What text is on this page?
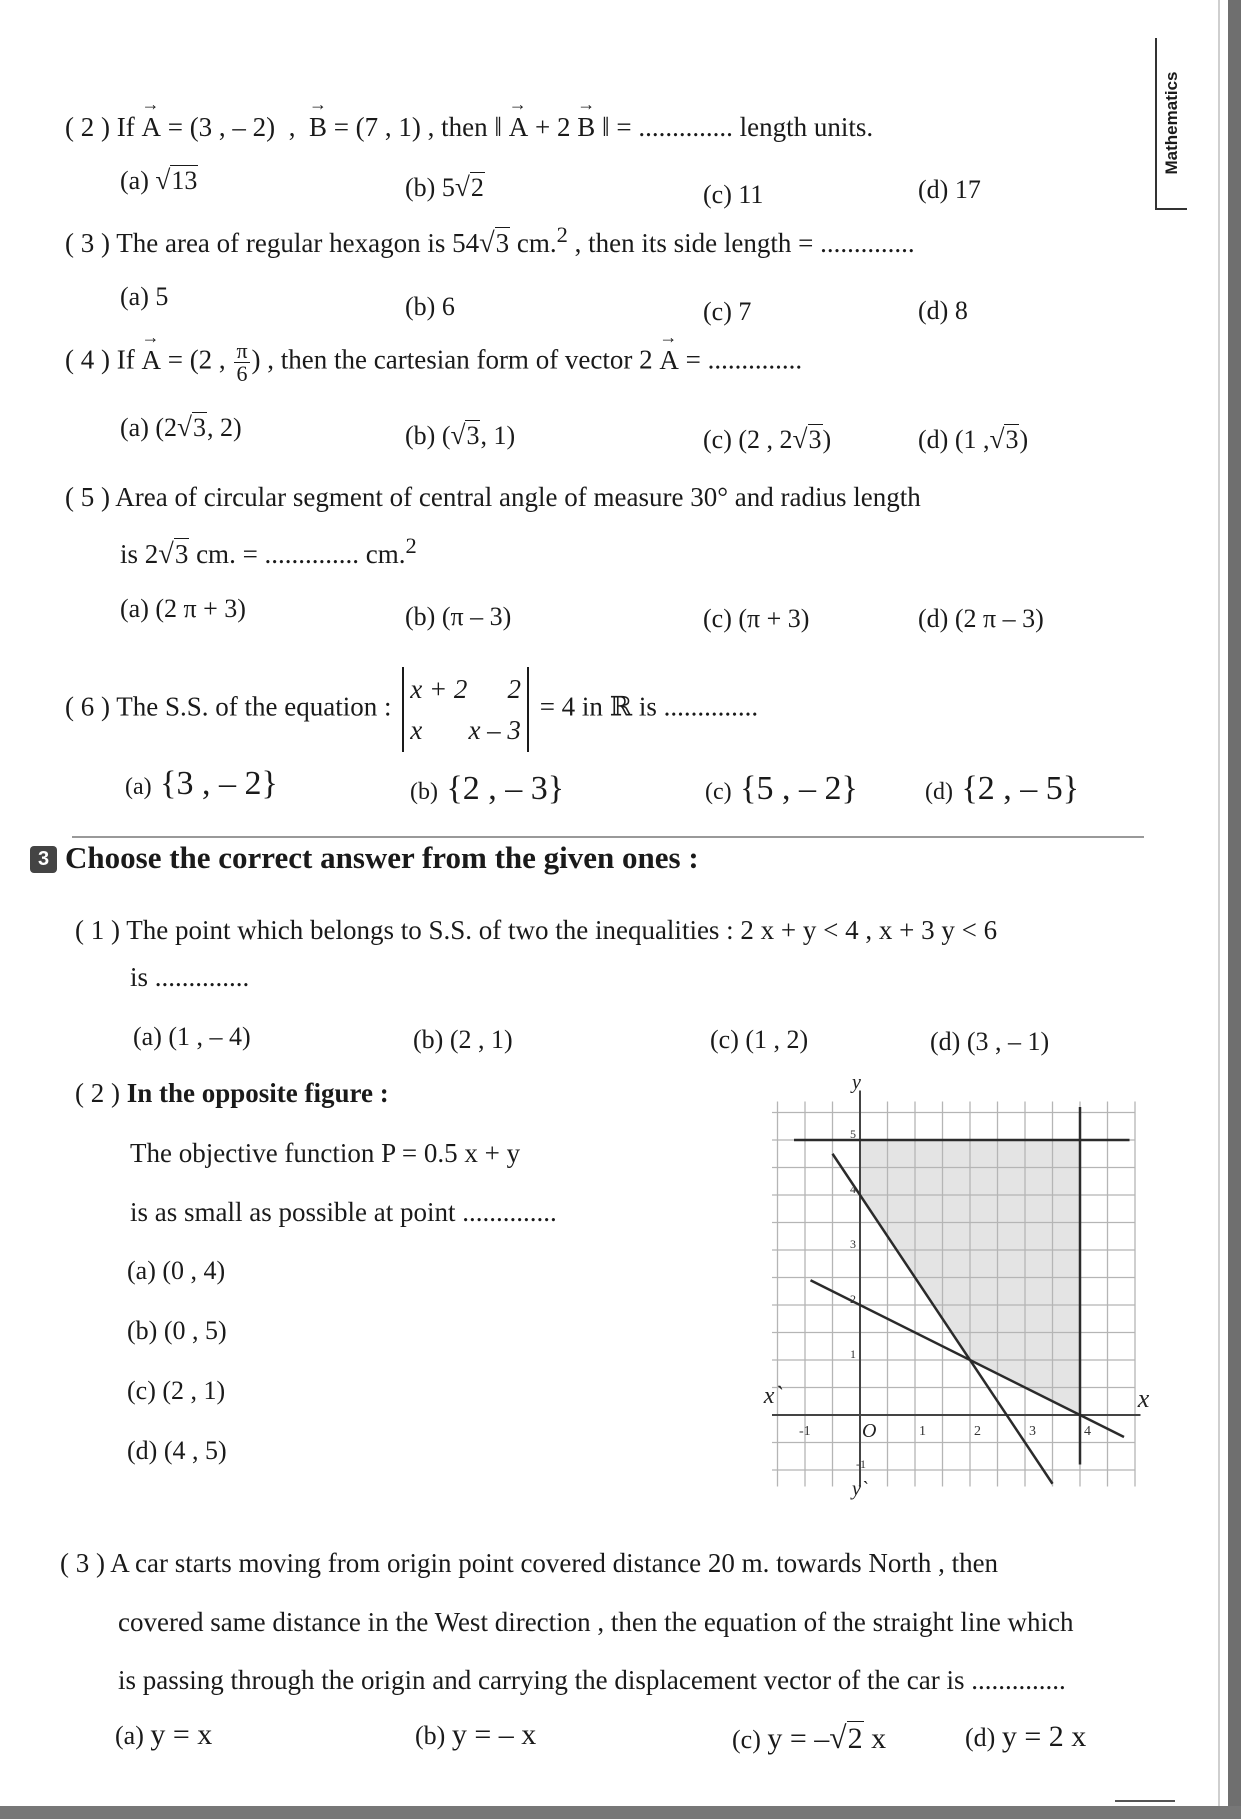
Mathematics
( 2 ) If → A = (3 , – 2)  ,  → B = (7 , 1) , then ‖ → A + 2 → B ‖ = .............. length units.
(a) √ 13	(b) 5 √ 2	(c) 11	(d) 17
( 3 ) The area of regular hexagon is 54 √ 3 cm.$^2$ , then its side length = ..............
(a) 5	(b) 6	(c) 7	(d) 8
( 4 ) If → A = (2 , $\frac{\pi}{6}$ ) , then the cartesian form of vector 2 → A = ..............
(a) (2 √ 3, 2)	(b) ( √ 3, 1)	(c) (2 , 2 √ 3)	(d) (1 , √ 3)
( 5 ) Area of circular segment of central angle of measure 30° and radius length
is 2 √ 3 cm. = .............. cm.$^2$
(a) (2 π + 3)	(b) (π – 3)	(c) (π + 3)	(d) (2 π – 3)
( 6 ) The S.S. of the equation :
x + 2 2
x x – 3
= 4 in ℝ is ..............
(a) {3 , – 2}	(b) {2 , – 3}	(c) {5 , – 2}	(d) {2 , – 5}
3 Choose the correct answer from the given ones :
( 1 ) The point which belongs to S.S. of two the inequalities : 2 x + y < 4 , x + 3 y < 6
is ..............
(a) (1 , – 4)	(b) (2 , 1)	(c) (1 , 2)	(d) (3 , – 1)
( 2 ) In the opposite figure :
The objective function P = 0.5 x + y
is as small as possible at point ..............
(a) (0 , 4)
(b) (0 , 5)
(c) (2 , 1)
(d) (4 , 5)
-1	1	2	3	4
-1
1
2
3
4
5
x
x`
y
y`
O
( 3 ) A car starts moving from origin point covered distance 20 m. towards North , then
covered same distance in the West direction , then the equation of the straight line which
is passing through the origin and carrying the displacement vector of the car is ..............
(a) y = x	(b) y = – x	(c) y = – √ 2 x	(d) y = 2 x
